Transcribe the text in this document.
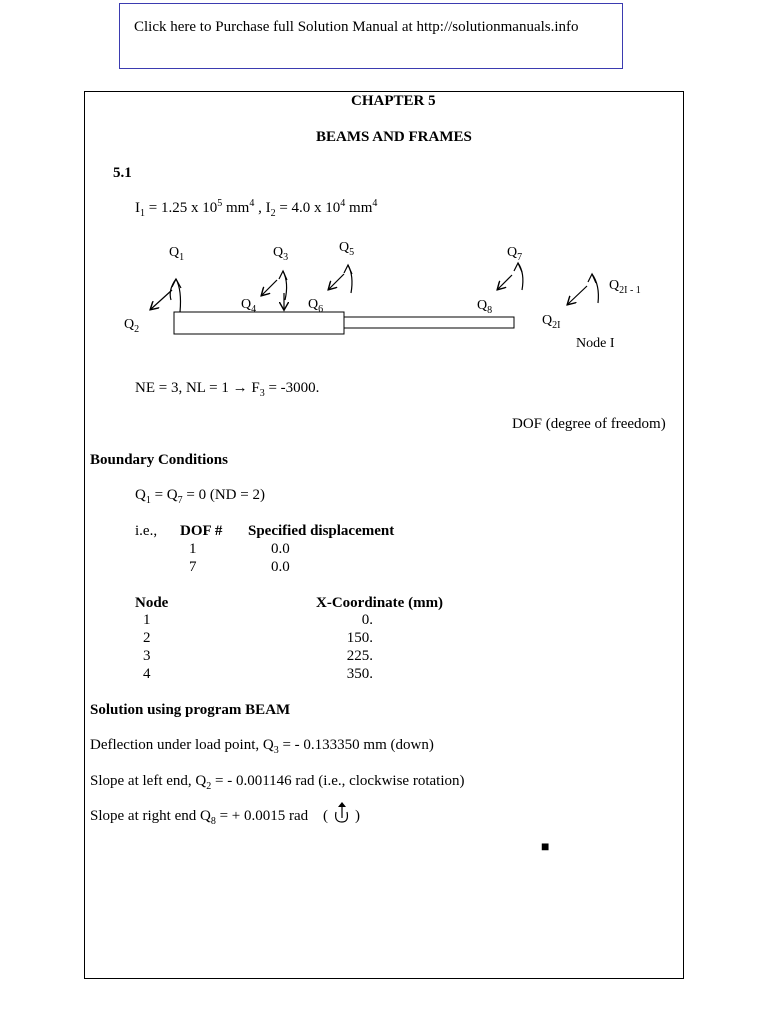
Click here to Purchase full Solution Manual at http://solutionmanuals.info
CHAPTER 5
BEAMS AND FRAMES
5.1
$I_1 = 1.25$ x $10^5$ $mm^4$ , $I_2 = 4.0$ x $10^4$ $mm^4$
$Q_1$
$Q_2$
$Q_3$
$Q_4$
$Q_5$
$Q_6$
$Q_7$
$Q_8$
$Q_{2I - 1}$
$Q_{2I}$
Node I
NE = 3, NL = $1 \to F_3 = -3000$.
DOF (degree of freedom)
Boundary Conditions
$Q_1 = Q_7 = 0$ (ND = 2)
i.e., DOF # Specified displacement
1	0.0
7	0.0
Node	X-Coordinate (mm)
1	0.
2	150.
3	225.
4	350.
Solution using program BEAM
Deflection under load point, $Q_3$ = - 0.133350 mm (down)
Slope at left end, $Q_2$ = - 0.001146 rad (i.e., clockwise rotation)
Slope at right end $Q_8$ = + 0.0015 rad ( )
■
